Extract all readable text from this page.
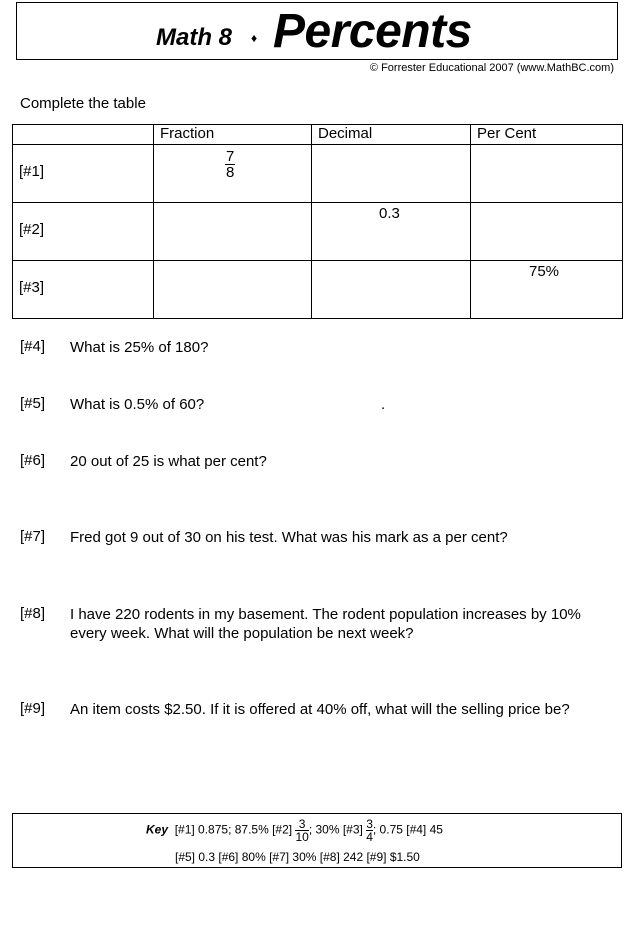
Math 8 ♦ Percents
© Forrester Educational 2007 (www.MathBC.com)
Complete the table
	Fraction	Decimal	Per Cent

[#1]	$\frac{7}{8}$

[#2]		0.3	

[#3]			75%
[#4] What is 25% of 180?
[#5] What is 0.5% of 60?	.
[#6] 20 out of 25 is what per cent?
[#7] Fred got 9 out of 30 on his test. What was his mark as a per cent?
[#8] I have 220 rodents in my basement. The rodent population increases by 10% every week. What will the population be next week?
[#9] An item costs $2.50. If it is offered at 40% off, what will the selling price be?
Key [#1] 0.875; 87.5% [#2] $\frac{3}{10}$ ; 30% [#3] $\frac{3}{4}$ ; 0.75 [#4] 45
[#5] 0.3 [#6] 80% [#7] 30% [#8] 242 [#9] $1.50
